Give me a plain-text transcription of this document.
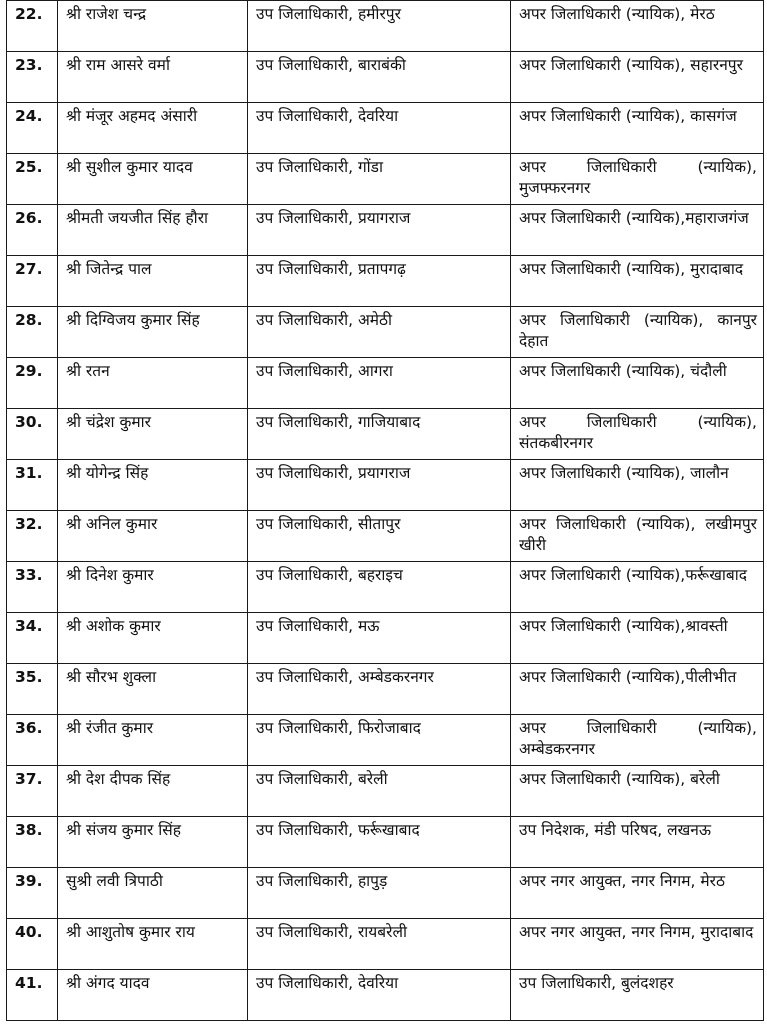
22.	श्री राजेश चन्द्र	उप जिलाधिकारी, हमीरपुर	अपर जिलाधिकारी (न्यायिक), मेरठ
23.	श्री राम आसरे वर्मा	उप जिलाधिकारी, बाराबंकी	अपर जिलाधिकारी (न्यायिक), सहारनपुर
24.	श्री मंजूर अहमद अंसारी	उप जिलाधिकारी, देवरिया	अपर जिलाधिकारी (न्यायिक), कासगंज
25.	श्री सुशील कुमार यादव	उप जिलाधिकारी, गोंडा	अपर जिलाधिकारी (न्यायिक), मुजफ्फरनगर
26.	श्रीमती जयजीत सिंह हौरा	उप जिलाधिकारी, प्रयागराज	अपर जिलाधिकारी (न्यायिक),महाराजगंज
27.	श्री जितेन्द्र पाल	उप जिलाधिकारी, प्रतापगढ़	अपर जिलाधिकारी (न्यायिक), मुरादाबाद
28.	श्री दिग्विजय कुमार सिंह	उप जिलाधिकारी, अमेठी	अपर जिलाधिकारी (न्यायिक), कानपुर देहात
29.	श्री रतन	उप जिलाधिकारी, आगरा	अपर जिलाधिकारी (न्यायिक), चंदौली
30.	श्री चंद्रेश कुमार	उप जिलाधिकारी, गाजियाबाद	अपर जिलाधिकारी (न्यायिक), संतकबीरनगर
31.	श्री योगेन्द्र सिंह	उप जिलाधिकारी, प्रयागराज	अपर जिलाधिकारी (न्यायिक), जालौन
32.	श्री अनिल कुमार	उप जिलाधिकारी, सीतापुर	अपर जिलाधिकारी (न्यायिक), लखीमपुर खीरी
33.	श्री दिनेश कुमार	उप जिलाधिकारी, बहराइच	अपर जिलाधिकारी (न्यायिक),फर्रूखाबाद
34.	श्री अशोक कुमार	उप जिलाधिकारी, मऊ	अपर जिलाधिकारी (न्यायिक),श्रावस्ती
35.	श्री सौरभ शुक्ला	उप जिलाधिकारी, अम्बेडकरनगर	अपर जिलाधिकारी (न्यायिक),पीलीभीत
36.	श्री रंजीत कुमार	उप जिलाधिकारी, फिरोजाबाद	अपर जिलाधिकारी (न्यायिक), अम्बेडकरनगर
37.	श्री देश दीपक सिंह	उप जिलाधिकारी, बरेली	अपर जिलाधिकारी (न्यायिक), बरेली
38.	श्री संजय कुमार सिंह	उप जिलाधिकारी, फर्रूखाबाद	उप निदेशक, मंडी परिषद, लखनऊ
39.	सुश्री लवी त्रिपाठी	उप जिलाधिकारी, हापुड़	अपर नगर आयुक्त, नगर निगम, मेरठ
40.	श्री आशुतोष कुमार राय	उप जिलाधिकारी, रायबरेली	अपर नगर आयुक्त, नगर निगम, मुरादाबाद
41.	श्री अंगद यादव	उप जिलाधिकारी, देवरिया	उप जिलाधिकारी, बुलंदशहर
